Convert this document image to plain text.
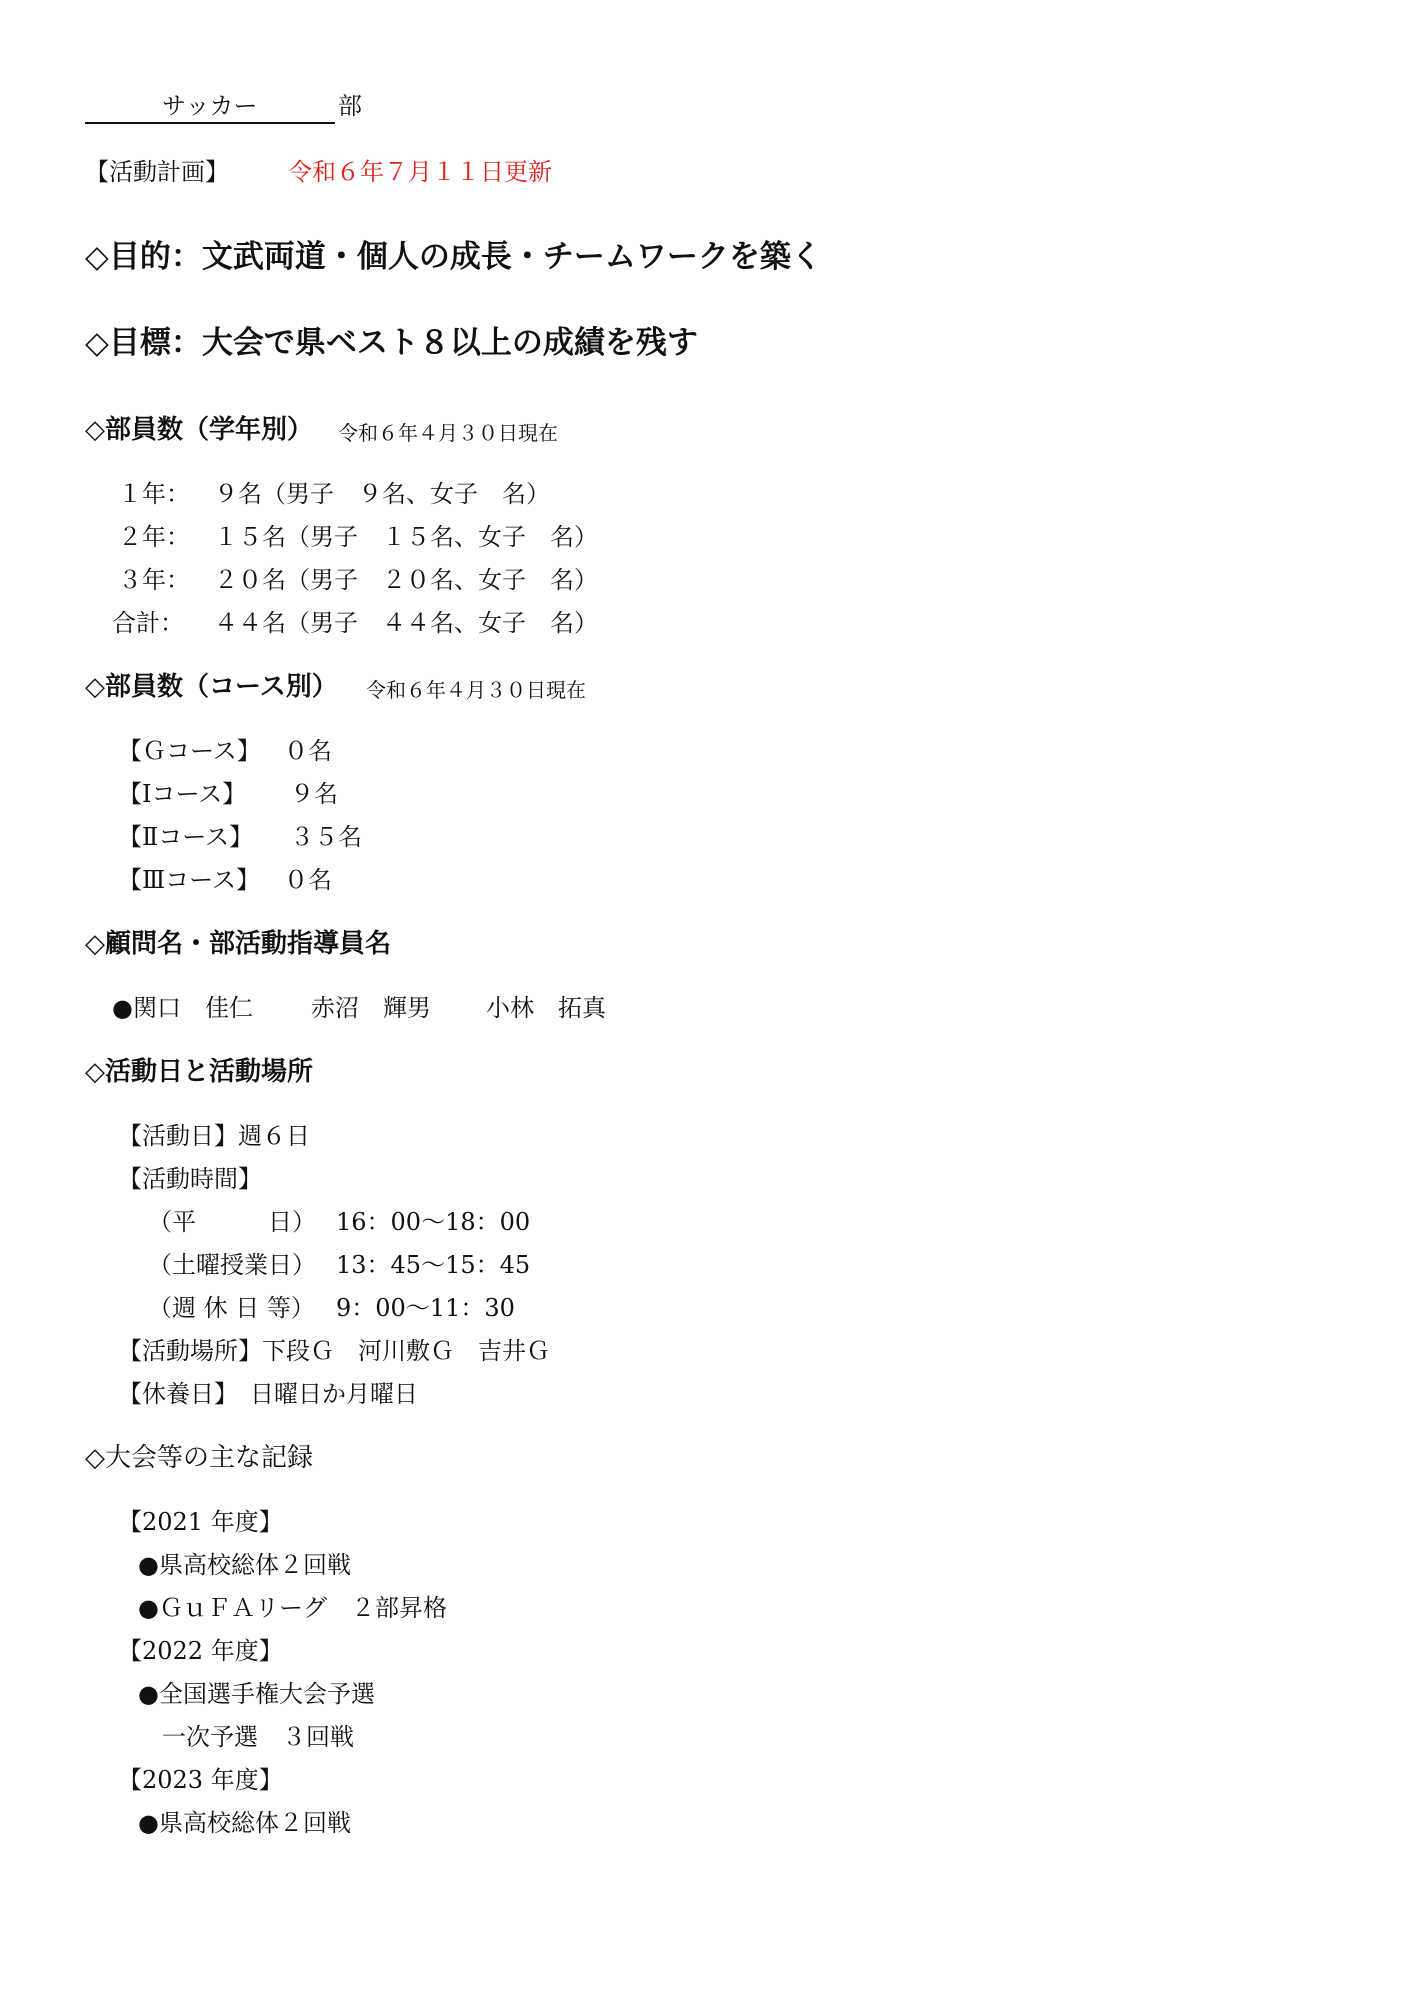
サッカー	部
【活動計画】 令和６年７月１１日更新
◇目的：文武両道・個人の成長・チームワークを築く
◇目標：大会で県ベスト８以上の成績を残す
◇部員数（学年別） 令和６年４月３０日現在
１年： ９名（男子　９名、女子　名）
２年： １５名（男子　１５名、女子　名）
３年： ２０名（男子　２０名、女子　名）
合計： ４４名（男子　４４名、女子　名）
◇部員数（コース別） 令和６年４月３０日現在
【Ｇコース】 ０名
【Ⅰコース】 ９名
【Ⅱコース】 ３５名
【Ⅲコース】 ０名
◇顧問名・部活動指導員名
●関口　佳仁 赤沼　輝男 小林　拓真
◇活動日と活動場所
【活動日】週６日
【活動時間】
（平　　　日） 16：00～18：00
（土曜授業日） 13：45～15：45
（週 休 日 等） 9：00～11：30
【活動場所】下段Ｇ　河川敷Ｇ　吉井Ｇ
【休養日】　日曜日か月曜日
◇大会等の主な記録
【2021 年度】
●県高校総体２回戦
●ＧｕＦＡリーグ　２部昇格
【2022 年度】
●全国選手権大会予選
一次予選　３回戦
【2023 年度】
●県高校総体２回戦
